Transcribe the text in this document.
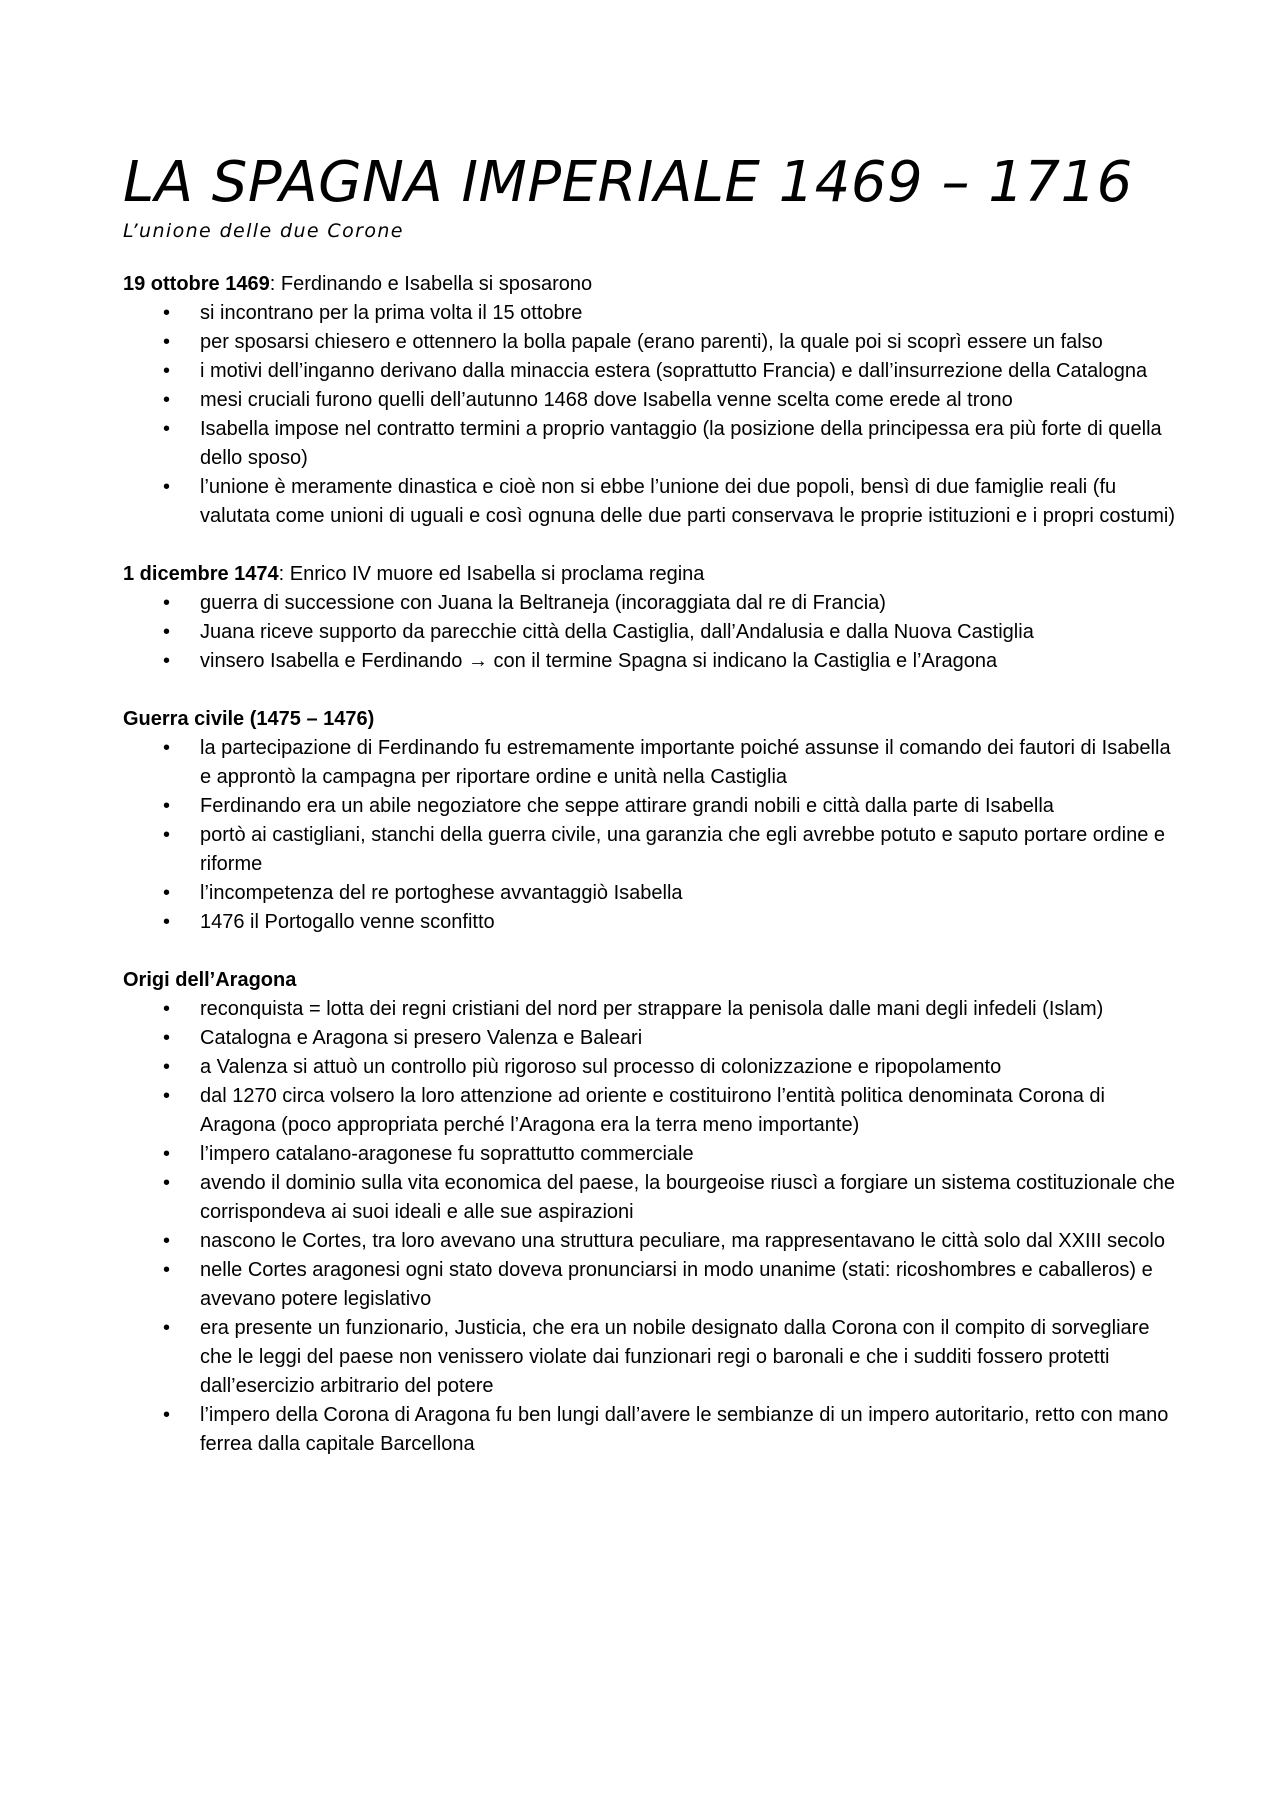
LA SPAGNA IMPERIALE 1469 – 1716
L’unione delle due Corone

19 ottobre 1469: Ferdinando e Isabella si sposarono

• si incontrano per la prima volta il 15 ottobre
• per sposarsi chiesero e ottennero la bolla papale (erano parenti), la quale poi si scoprì essere un falso
• i motivi dell’inganno derivano dalla minaccia estera (soprattutto Francia) e dall’insurrezione della Catalogna
• mesi cruciali furono quelli dell’autunno 1468 dove Isabella venne scelta come erede al trono
• Isabella impose nel contratto termini a proprio vantaggio (la posizione della principessa era più forte di quella dello sposo)
• l’unione è meramente dinastica e cioè non si ebbe l’unione dei due popoli, bensì di due famiglie reali (fu valutata come unioni di uguali e così ognuna delle due parti conservava le proprie istituzioni e i propri costumi)

1 dicembre 1474: Enrico IV muore ed Isabella si proclama regina

• guerra di successione con Juana la Beltraneja (incoraggiata dal re di Francia)
• Juana riceve supporto da parecchie città della Castiglia, dall’Andalusia e dalla Nuova Castiglia
• vinsero Isabella e Ferdinando → con il termine Spagna si indicano la Castiglia e l’Aragona

Guerra civile (1475 – 1476)

• la partecipazione di Ferdinando fu estremamente importante poiché assunse il comando dei fautori di Isabella e approntò la campagna per riportare ordine e unità nella Castiglia
• Ferdinando era un abile negoziatore che seppe attirare grandi nobili e città dalla parte di Isabella
• portò ai castigliani, stanchi della guerra civile, una garanzia che egli avrebbe potuto e saputo portare ordine e riforme
• l’incompetenza del re portoghese avvantaggiò Isabella
• 1476 il Portogallo venne sconfitto

Origi dell’Aragona

• reconquista = lotta dei regni cristiani del nord per strappare la penisola dalle mani degli infedeli (Islam)
• Catalogna e Aragona si presero Valenza e Baleari
• a Valenza si attuò un controllo più rigoroso sul processo di colonizzazione e ripopolamento
• dal 1270 circa volsero la loro attenzione ad oriente e costituirono l’entità politica denominata Corona di Aragona (poco appropriata perché l’Aragona era la terra meno importante)
• l’impero catalano-aragonese fu soprattutto commerciale
• avendo il dominio sulla vita economica del paese, la bourgeoise riuscì a forgiare un sistema costituzionale che corrispondeva ai suoi ideali e alle sue aspirazioni
• nascono le Cortes, tra loro avevano una struttura peculiare, ma rappresentavano le città solo dal XXIII secolo
• nelle Cortes aragonesi ogni stato doveva pronunciarsi in modo unanime (stati: ricoshombres e caballeros) e avevano potere legislativo
• era presente un funzionario, Justicia, che era un nobile designato dalla Corona con il compito di sorvegliare che le leggi del paese non venissero violate dai funzionari regi o baronali e che i sudditi fossero protetti dall’esercizio arbitrario del potere
• l’impero della Corona di Aragona fu ben lungi dall’avere le sembianze di un impero autoritario, retto con mano ferrea dalla capitale Barcellona
